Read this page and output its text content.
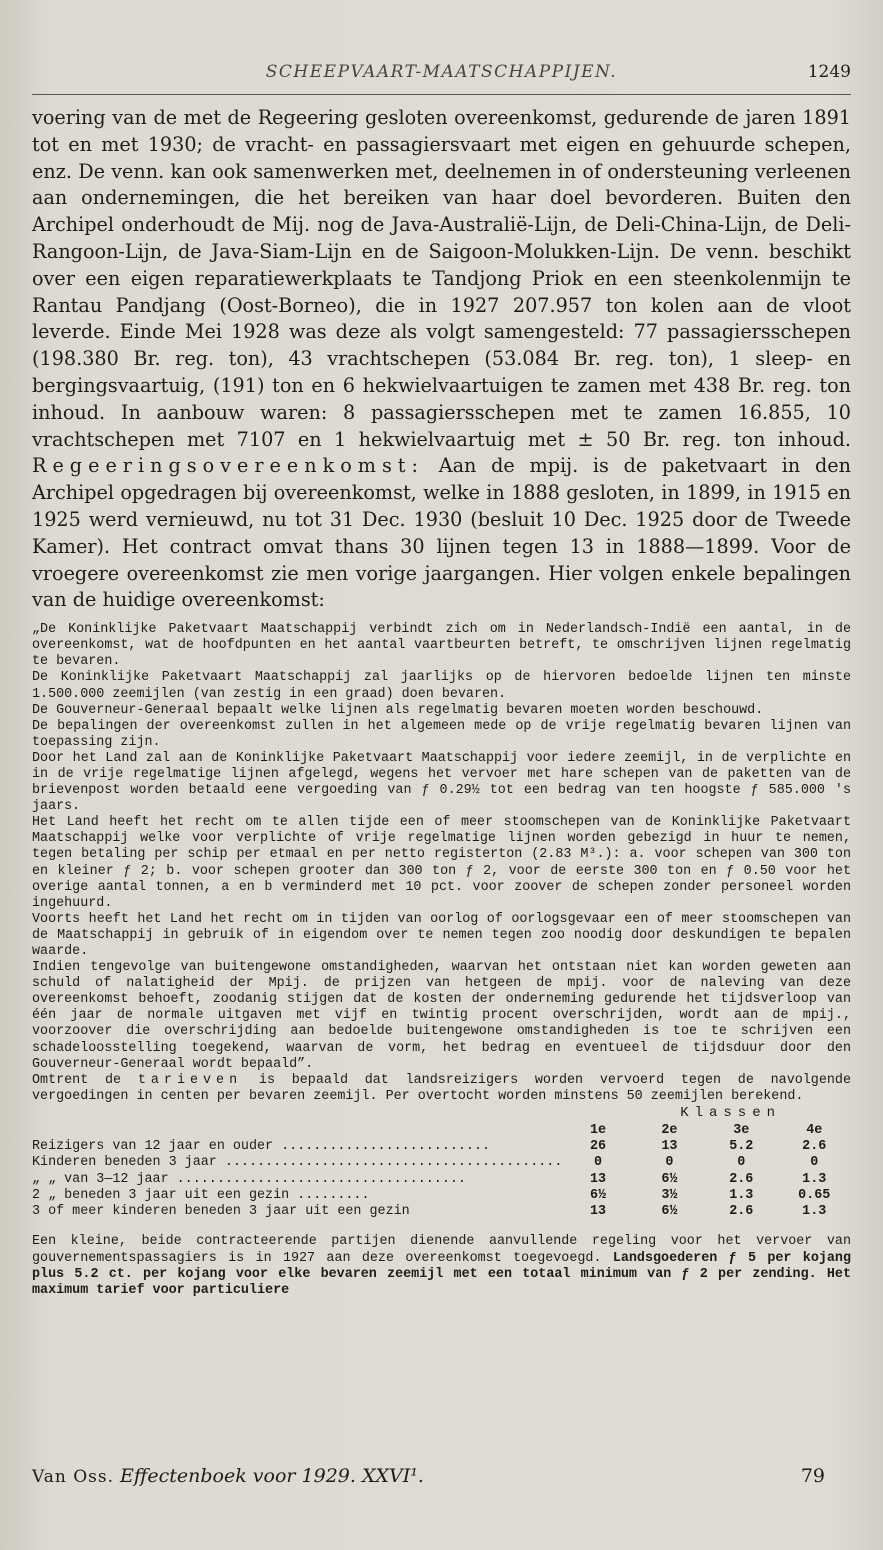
SCHEEPVAART-MAATSCHAPPIJEN.	1249
voering van de met de Regeering gesloten overeenkomst, gedurende de jaren 1891 tot en met 1930; de vracht- en passagiersvaart met eigen en gehuurde schepen, enz. De venn. kan ook samenwerken met, deelnemen in of ondersteuning verleenen aan ondernemingen, die het bereiken van haar doel bevorderen. Buiten den Archipel onderhoudt de Mij. nog de Java-Australië-Lijn, de Deli-China-Lijn, de Deli-Rangoon-Lijn, de Java-Siam-Lijn en de Saigoon-Molukken-Lijn. De venn. beschikt over een eigen reparatiewerkplaats te Tandjong Priok en een steenkolenmijn te Rantau Pandjang (Oost-Borneo), die in 1927 207.957 ton kolen aan de vloot leverde. Einde Mei 1928 was deze als volgt samengesteld: 77 passagiersschepen (198.380 Br. reg. ton), 43 vrachtschepen (53.084 Br. reg. ton), 1 sleep- en bergingsvaartuig, (191) ton en 6 hekwielvaartuigen te zamen met 438 Br. reg. ton inhoud. In aanbouw waren: 8 passagiersschepen met te zamen 16.855, 10 vrachtschepen met 7107 en 1 hekwielvaartuig met ± 50 Br. reg. ton inhoud. Regeeringsovereenkomst: Aan de mpij. is de paketvaart in den Archipel opgedragen bij overeenkomst, welke in 1888 gesloten, in 1899, in 1915 en 1925 werd vernieuwd, nu tot 31 Dec. 1930 (besluit 10 Dec. 1925 door de Tweede Kamer). Het contract omvat thans 30 lijnen tegen 13 in 1888—1899. Voor de vroegere overeenkomst zie men vorige jaargangen. Hier volgen enkele bepalingen van de huidige overeenkomst:

„De Koninklijke Paketvaart Maatschappij verbindt zich om in Nederlandsch-Indië een aantal, in de overeenkomst, wat de hoofdpunten en het aantal vaartbeurten betreft, te omschrijven lijnen regelmatig te bevaren.

De Koninklijke Paketvaart Maatschappij zal jaarlijks op de hiervoren bedoelde lijnen ten minste 1.500.000 zeemijlen (van zestig in een graad) doen bevaren.

De Gouverneur-Generaal bepaalt welke lijnen als regelmatig bevaren moeten worden beschouwd.

De bepalingen der overeenkomst zullen in het algemeen mede op de vrije regelmatig bevaren lijnen van toepassing zijn.

Door het Land zal aan de Koninklijke Paketvaart Maatschappij voor iedere zeemijl, in de verplichte en in de vrije regelmatige lijnen afgelegd, wegens het vervoer met hare schepen van de paketten van de brievenpost worden betaald eene vergoeding van ƒ 0.29½ tot een bedrag van ten hoogste ƒ 585.000 's jaars.

Het Land heeft het recht om te allen tijde een of meer stoomschepen van de Koninklijke Paketvaart Maatschappij welke voor verplichte of vrije regelmatige lijnen worden gebezigd in huur te nemen, tegen betaling per schip per etmaal en per netto registerton (2.83 M³.): a. voor schepen van 300 ton en kleiner ƒ 2; b. voor schepen grooter dan 300 ton ƒ 2, voor de eerste 300 ton en ƒ 0.50 voor het overige aantal tonnen, a en b verminderd met 10 pct. voor zoover de schepen zonder personeel worden ingehuurd.

Voorts heeft het Land het recht om in tijden van oorlog of oorlogsgevaar een of meer stoomschepen van de Maatschappij in gebruik of in eigendom over te nemen tegen zoo noodig door deskundigen te bepalen waarde.

Indien tengevolge van buitengewone omstandigheden, waarvan het ontstaan niet kan worden geweten aan schuld of nalatigheid der Mpij. de prijzen van hetgeen de mpij. voor de naleving van deze overeenkomst behoeft, zoodanig stijgen dat de kosten der onderneming gedurende het tijdsverloop van één jaar de normale uitgaven met vijf en twintig procent overschrijden, wordt aan de mpij., voorzoover die overschrijding aan bedoelde buitengewone omstandigheden is toe te schrijven een schadeloosstelling toegekend, waarvan de vorm, het bedrag en eventueel de tijdsduur door den Gouverneur-Generaal wordt bepaald”.

Omtrent de tarieven is bepaald dat landsreizigers worden vervoerd tegen de navolgende vergoedingen in centen per bevaren zeemijl. Per overtocht worden minstens 50 zeemijlen berekend.
Klassen
	1e	2e	3e	4e
Reizigers van 12 jaar en ouder ..........................	26	13	5.2	2.6
Kinderen beneden 3 jaar ..........................................	0	0	0	0
„ „ van 3—12 jaar ....................................	13	6½	2.6	1.3
2 „ beneden 3 jaar uit een gezin .........	6½	3½	1.3	0.65
3 of meer kinderen beneden 3 jaar uit een gezin	13	6½	2.6	1.3
Een kleine, beide contracteerende partijen dienende aanvullende regeling voor het vervoer van gouvernementspassagiers is in 1927 aan deze overeenkomst toegevoegd. Landsgoederen ƒ 5 per kojang plus 5.2 ct. per kojang voor elke bevaren zeemijl met een totaal minimum van ƒ 2 per zending. Het maximum tarief voor particuliere
Van Oss. Effectenboek voor 1929. XXVI¹.	79
